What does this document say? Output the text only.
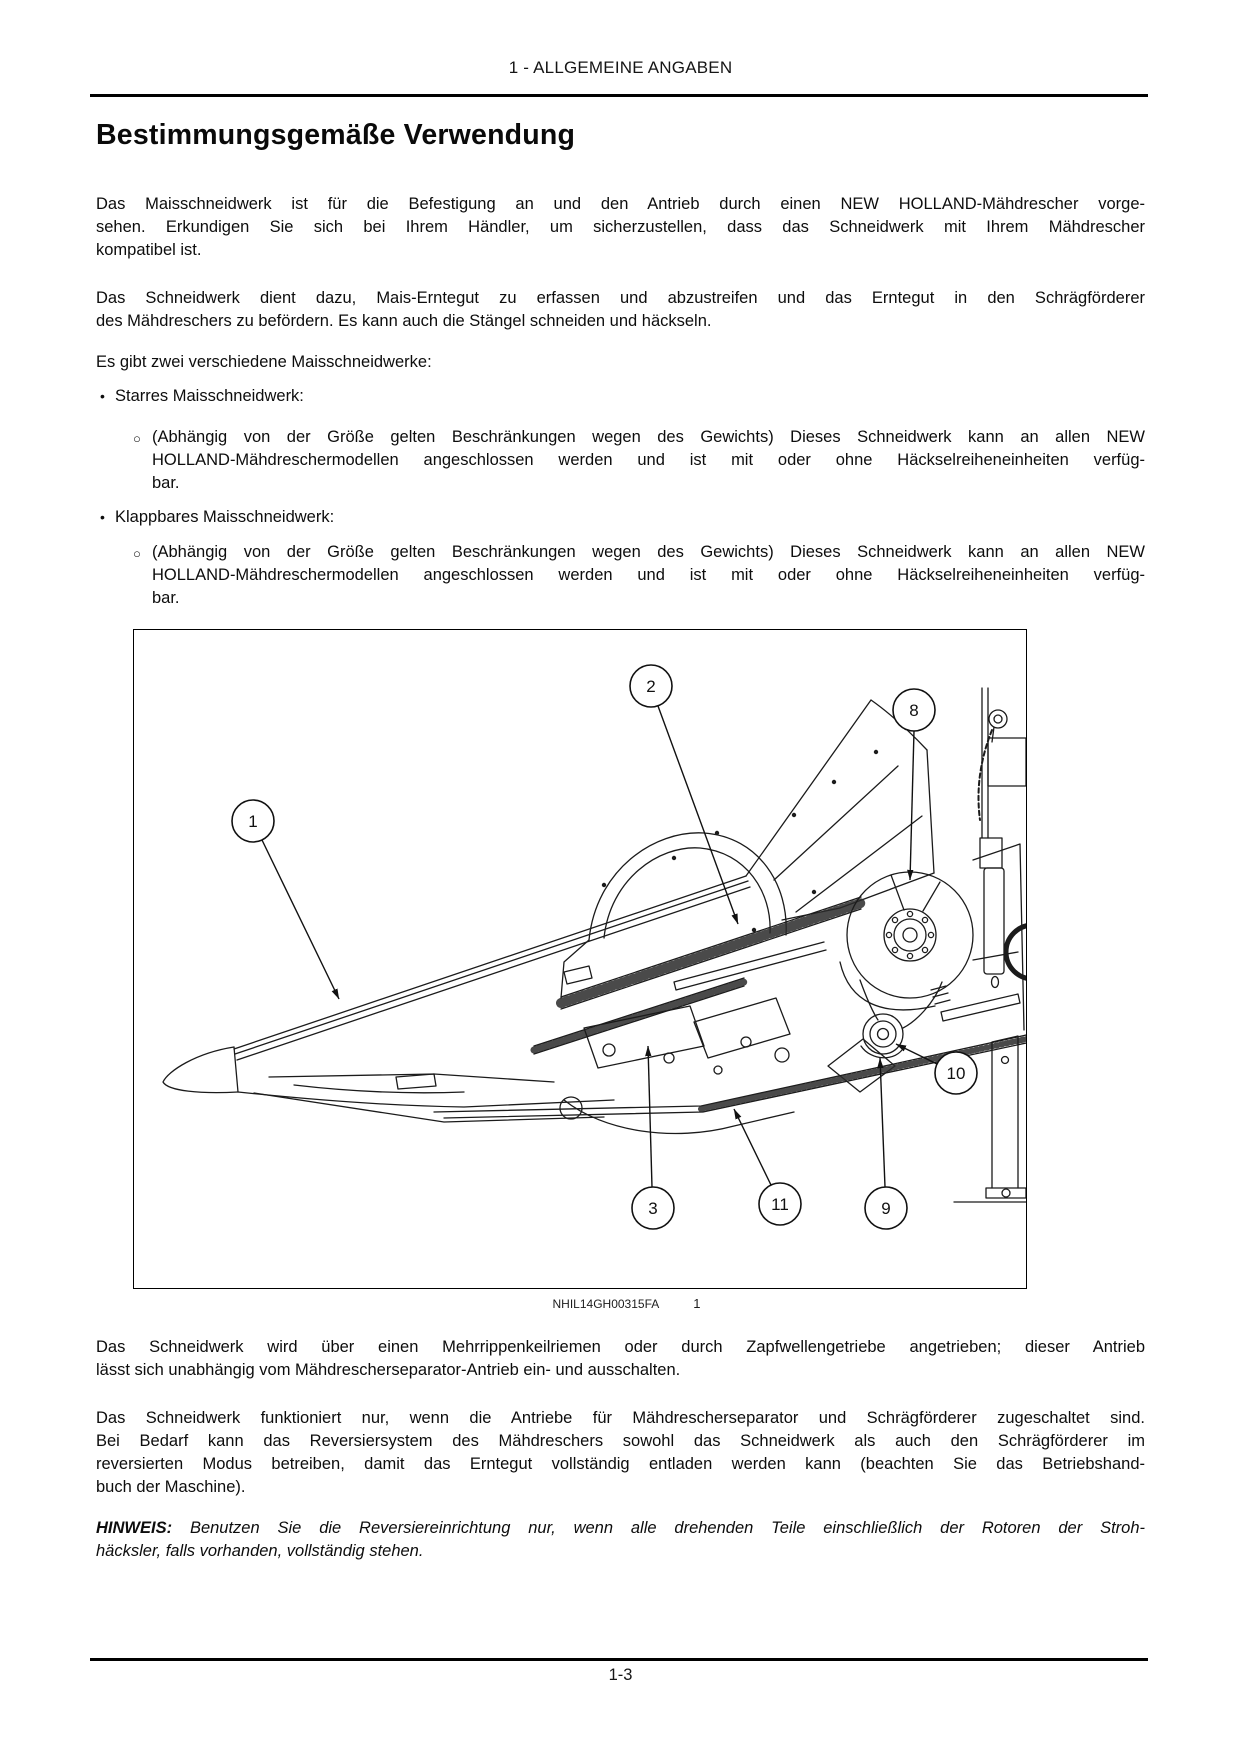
1 - ALLGEMEINE ANGABEN
Bestimmungsgemäße Verwendung
Das Maisschneidwerk ist für die Befestigung an und den Antrieb durch einen NEW HOLLAND-Mähdrescher vorge-
sehen. Erkundigen Sie sich bei Ihrem Händler, um sicherzustellen, dass das Schneidwerk mit Ihrem Mähdrescher
kompatibel ist.
Das Schneidwerk dient dazu, Mais-Erntegut zu erfassen und abzustreifen und das Erntegut in den Schrägförderer
des Mähdreschers zu befördern. Es kann auch die Stängel schneiden und häckseln.
Es gibt zwei verschiedene Maisschneidwerke:
• Starres Maisschneidwerk:
○ (Abhängig von der Größe gelten Beschränkungen wegen des Gewichts) Dieses Schneidwerk kann an allen NEW
HOLLAND-Mähdreschermodellen angeschlossen werden und ist mit oder ohne Häckselreiheneinheiten verfüg-
bar.
• Klappbares Maisschneidwerk:
○ (Abhängig von der Größe gelten Beschränkungen wegen des Gewichts) Dieses Schneidwerk kann an allen NEW
HOLLAND-Mähdreschermodellen angeschlossen werden und ist mit oder ohne Häckselreiheneinheiten verfüg-
bar.
1
2
8
3	11	9
10
NHIL14GH00315FA	1
Das Schneidwerk wird über einen Mehrrippenkeilriemen oder durch Zapfwellengetriebe angetrieben; dieser Antrieb
lässt sich unabhängig vom Mähdrescherseparator-Antrieb ein- und ausschalten.
Das Schneidwerk funktioniert nur, wenn die Antriebe für Mähdrescherseparator und Schrägförderer zugeschaltet sind.
Bei Bedarf kann das Reversiersystem des Mähdreschers sowohl das Schneidwerk als auch den Schrägförderer im
reversierten Modus betreiben, damit das Erntegut vollständig entladen werden kann (beachten Sie das Betriebshand-
buch der Maschine).
HINWEIS: Benutzen Sie die Reversiereinrichtung nur, wenn alle drehenden Teile einschließlich der Rotoren der Stroh-
häcksler, falls vorhanden, vollständig stehen.
1-3
